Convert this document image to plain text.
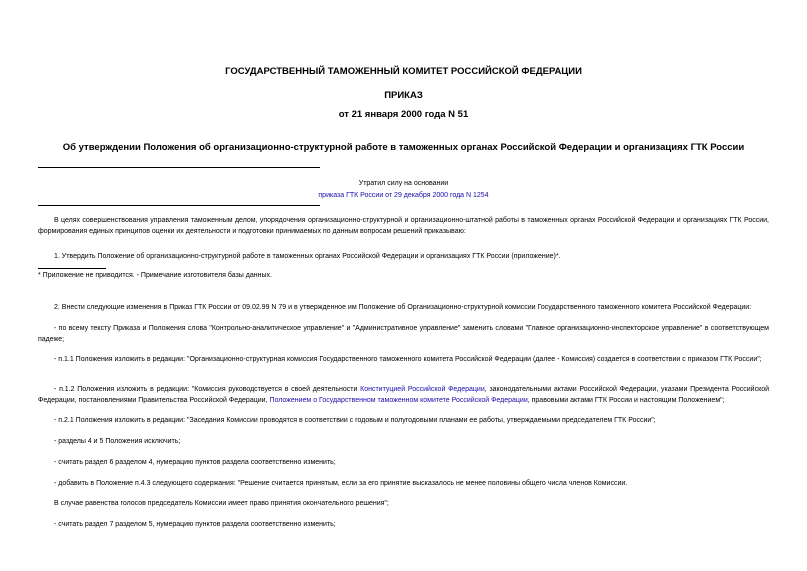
ГОСУДАРСТВЕННЫЙ ТАМОЖЕННЫЙ КОМИТЕТ РОССИЙСКОЙ ФЕДЕРАЦИИ
ПРИКАЗ
от 21 января 2000 года N 51
Об утверждении Положения об организационно-структурной работе в таможенных органах Российской Федерации и организациях ГТК России
Утратил силу на основании
приказа ГТК России от 29 декабря 2000 года N 1254
В целях совершенствования управления таможенным делом, упорядочения организационно-структурной и организационно-штатной работы в таможенных органах Российской Федерации и организациях ГТК России, формирования единых принципов оценки их деятельности и подготовки принимаемых по данным вопросам решений приказываю:
1. Утвердить Положение об организационно-структурной работе в таможенных органах Российской Федерации и организациях ГТК России (приложение)*.
* Приложение не приводится. - Примечание изготовителя базы данных.
2. Внести следующие изменения в Приказ ГТК России от 09.02.99 N 79 и в утвержденное им Положение об Организационно-структурной комиссии Государственного таможенного комитета Российской Федерации:
- по всему тексту Приказа и Положения слова "Контрольно-аналитическое управление" и "Административное управление" заменить словами "Главное организационно-инспекторское управление" в соответствующем падеже;
- п.1.1 Положения изложить в редакции: "Организационно-структурная комиссия Государственного таможенного комитета Российской Федерации (далее - Комиссия) создается в соответствии с приказом ГТК России";
- п.1.2 Положения изложить в редакции: "Комиссия руководствуется в своей деятельности Конституцией Российской Федерации, законодательными актами Российской Федерации, указами Президента Российской Федерации, постановлениями Правительства Российской Федерации, Положением о Государственном таможенном комитете Российской Федерации, правовыми актами ГТК России и настоящим Положением";
- п.2.1 Положения изложить в редакции: "Заседания Комиссии проводятся в соответствии с годовым и полугодовыми планами ее работы, утверждаемыми председателем ГТК России";
- разделы 4 и 5 Положения исключить;
- считать раздел 6 разделом 4, нумерацию пунктов раздела соответственно изменить;
- добавить в Положение п.4.3 следующего содержания: "Решение считается принятым, если за его принятие высказалось не менее половины общего числа членов Комиссии.
В случае равенства голосов председатель Комиссии имеет право принятия окончательного решения";
- считать раздел 7 разделом 5, нумерацию пунктов раздела соответственно изменить;
